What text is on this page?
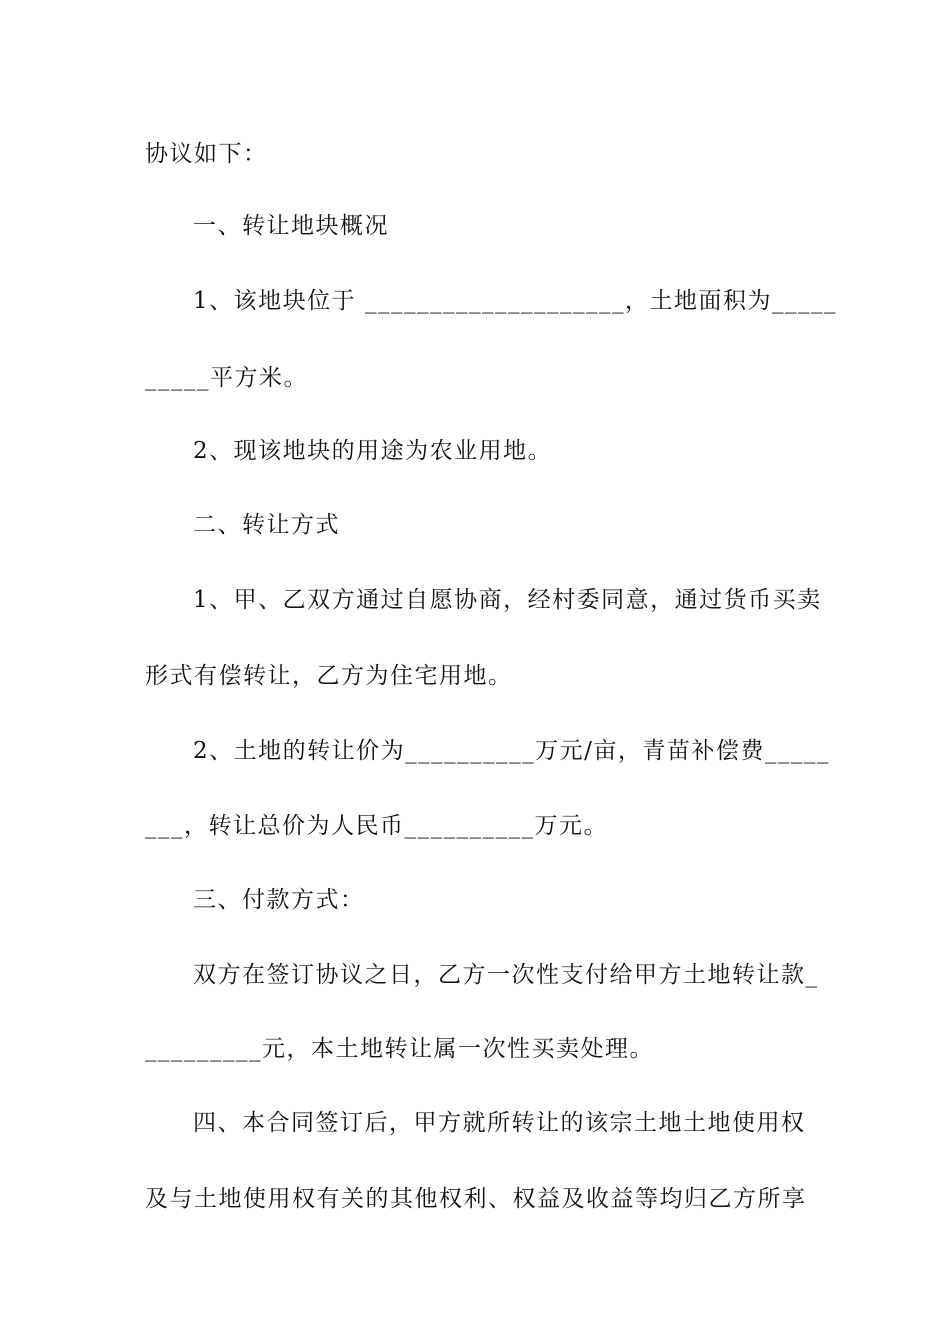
协议如下：
一、转让地块概况
1、该地块位于 ____________________，土地面积为_____
_____平方米。
2、现该地块的用途为农业用地。
二、转让方式
1、甲、乙双方通过自愿协商，经村委同意，通过货币买卖
形式有偿转让，乙方为住宅用地。
2、土地的转让价为__________万元/亩，青苗补偿费_____
___，转让总价为人民币__________万元。
三、付款方式：
双方在签订协议之日，乙方一次性支付给甲方土地转让款_
_________元，本土地转让属一次性买卖处理。
四、本合同签订后，甲方就所转让的该宗土地土地使用权
及与土地使用权有关的其他权利、权益及收益等均归乙方所享
